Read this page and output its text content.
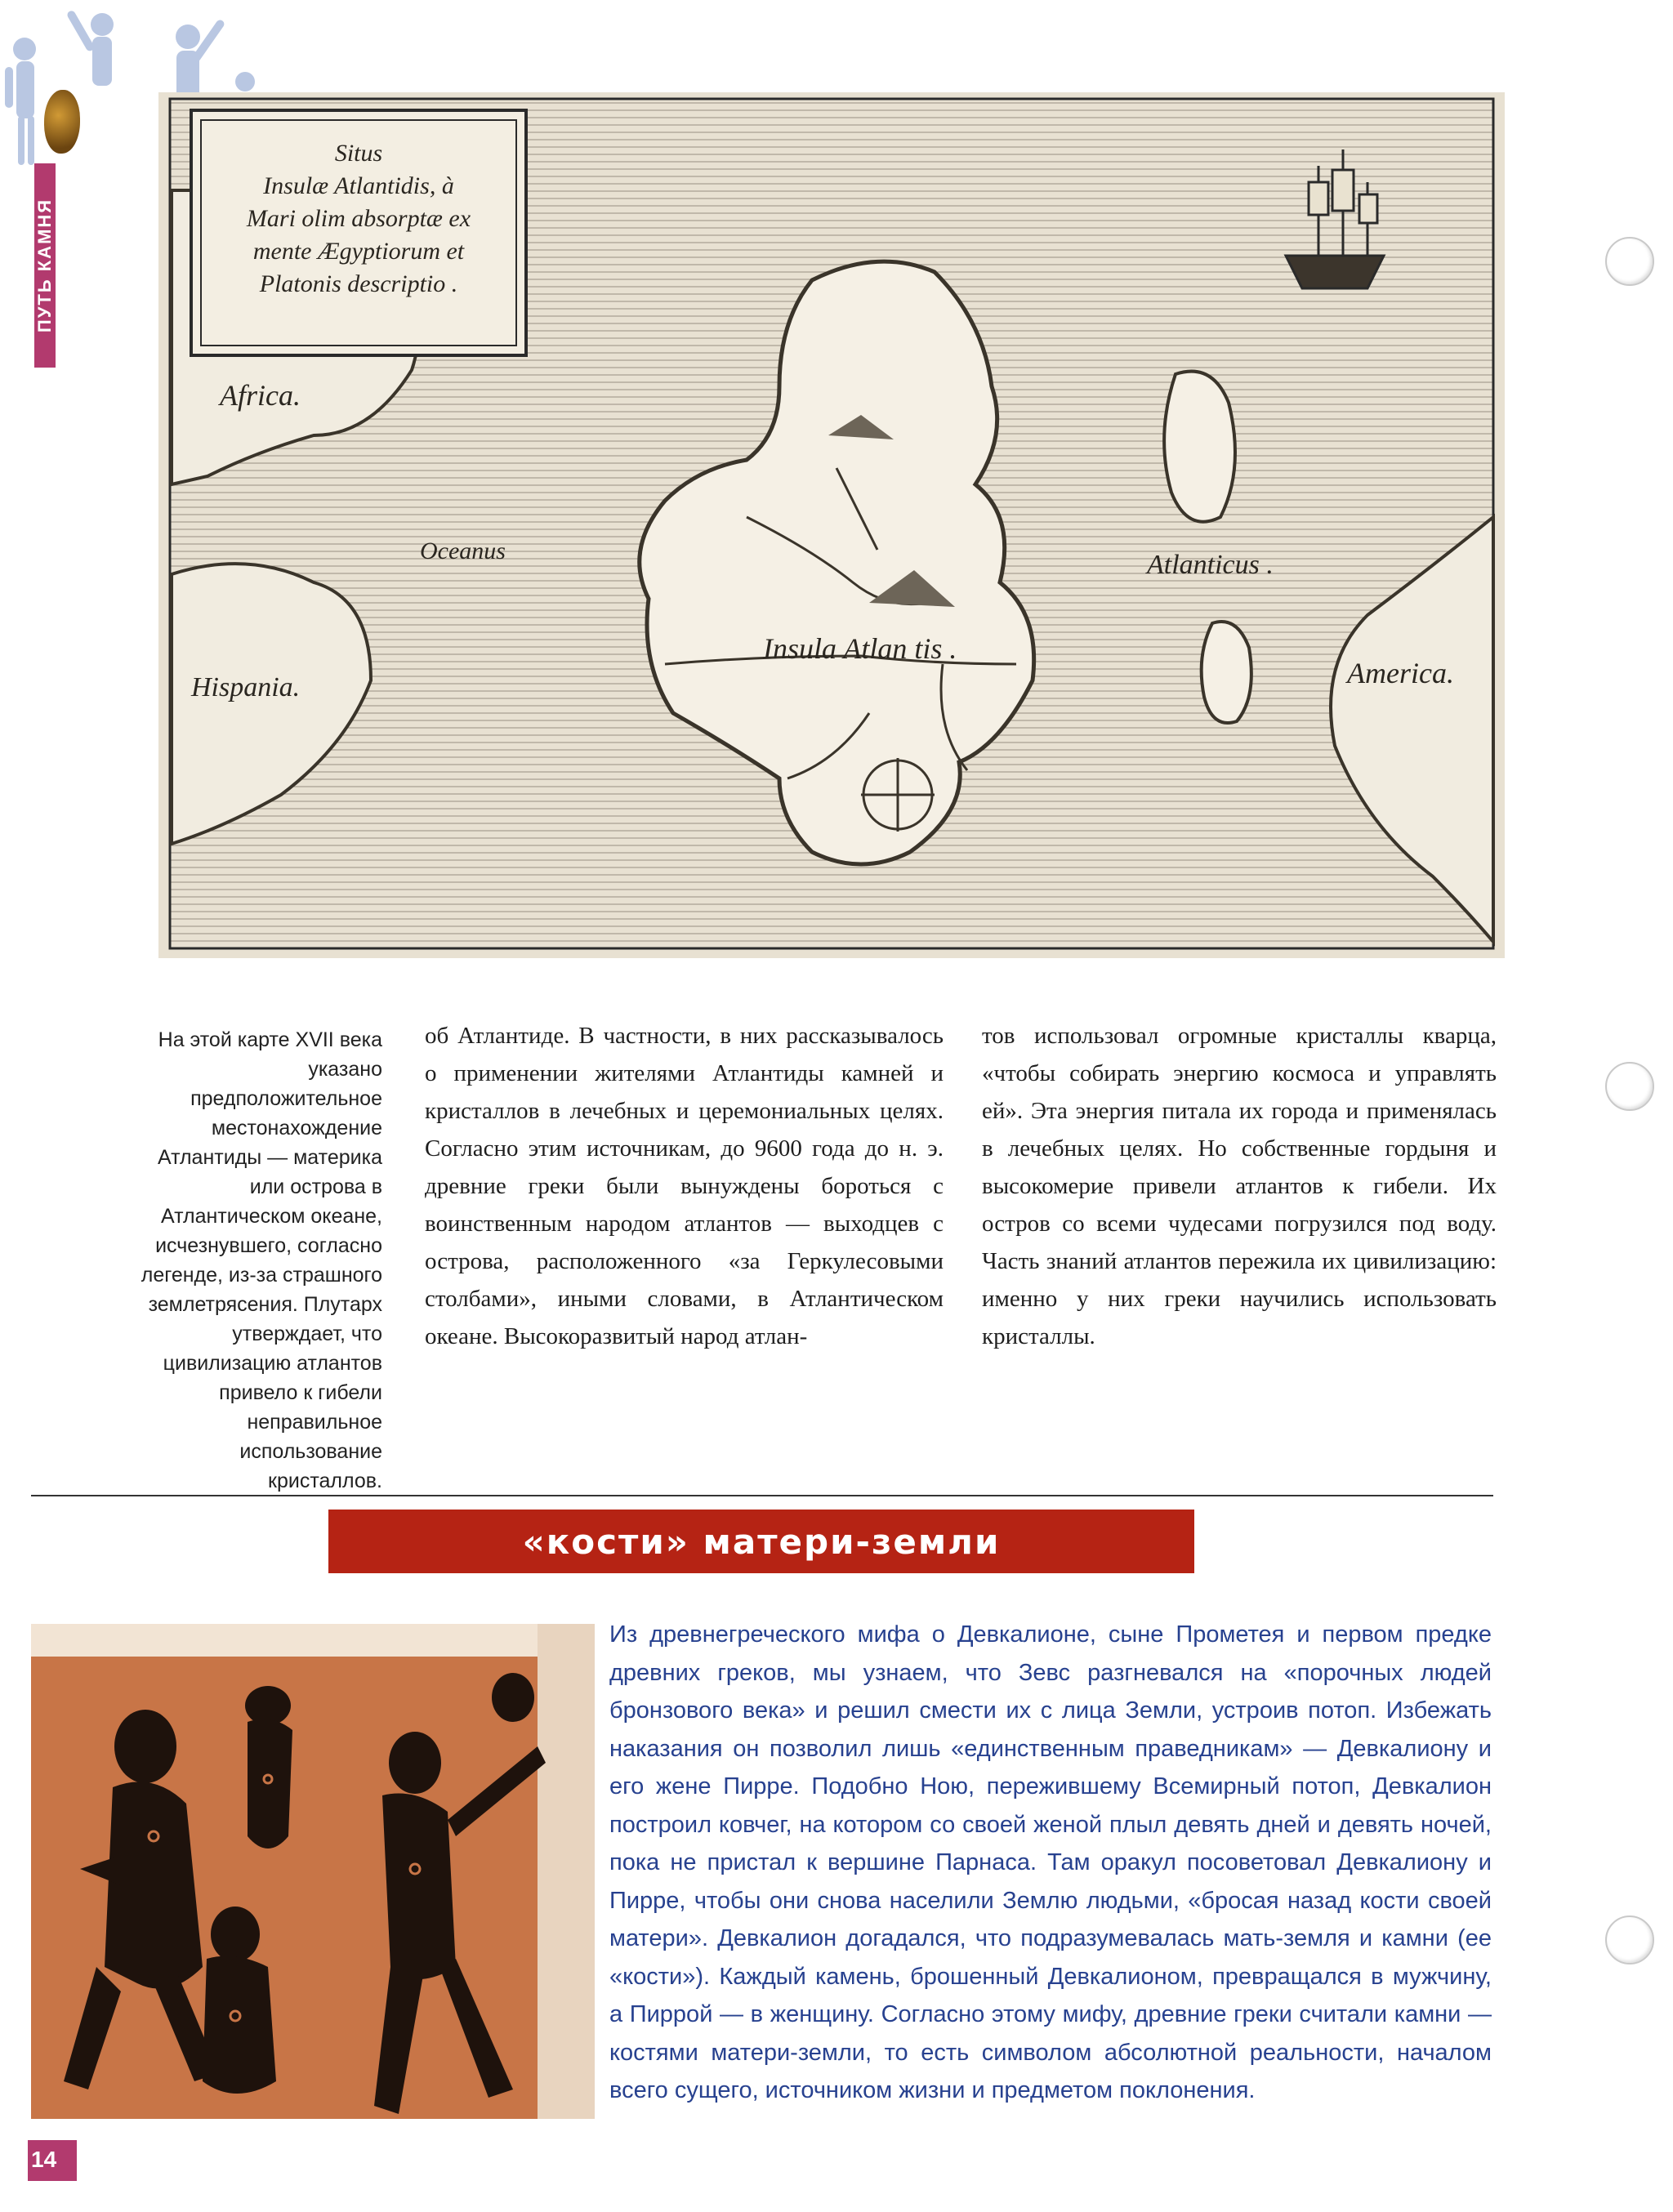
ПУТЬ КАМНЯ
Situs
Insulæ Atlantidis, à
Mari olim absorptæ ex
mente Ægyptiorum et
Platonis descriptio .
Africa.
Hispania.
Oceanus	Atlanticus .
Insula Atlan tis .
America.

На этой карте XVII века указано предположительное местонахождение Атлантиды — материка или острова в Атлантическом океане, исчезнувшего, согласно легенде, из-за страшного землетрясения. Плутарх утверждает, что цивилизацию атлантов привело к гибели неправильное использование кристаллов.

об Атлантиде. В частности, в них рассказывалось о применении жителями Атлантиды камней и кристаллов в лечебных и церемониальных целях. Согласно этим источникам, до 9600 года до н. э. древние греки были вынуждены бороться с воинственным народом атлантов — выходцев с острова, расположенного «за Геркулесовыми столбами», иными словами, в Атлантическом океане. Высокоразвитый народ атлан-

тов использовал огромные кристаллы кварца, «чтобы собирать энергию космоса и управлять ей». Эта энергия питала их города и применялась в лечебных целях. Но собственные гордыня и высокомерие привели атлантов к гибели. Их остров со всеми чудесами погрузился под воду. Часть знаний атлантов пережила их цивилизацию: именно у них греки научились использовать кристаллы.

«кости» матери-земли

Из древнегреческого мифа о Девкалионе, сыне Прометея и первом предке древних греков, мы узнаем, что Зевс разгневался на «порочных людей бронзового века» и решил смести их с лица Земли, устроив потоп. Избежать наказания он позволил лишь «единственным праведникам» — Девкалиону и его жене Пирре. Подобно Ною, пережившему Всемирный потоп, Девкалион построил ковчег, на котором со своей женой плыл девять дней и девять ночей, пока не пристал к вершине Парнаса. Там оракул посоветовал Девкалиону и Пирре, чтобы они снова населили Землю людьми, «бросая назад кости своей матери». Девкалион догадался, что подразумевалась мать-земля и камни (ее «кости»). Каждый камень, брошенный Девкалионом, превращался в мужчину, а Пиррой — в женщину. Согласно этому мифу, древние греки считали камни — костями матери-земли, то есть символом абсолютной реальности, началом всего сущего, источником жизни и предметом поклонения.

14
